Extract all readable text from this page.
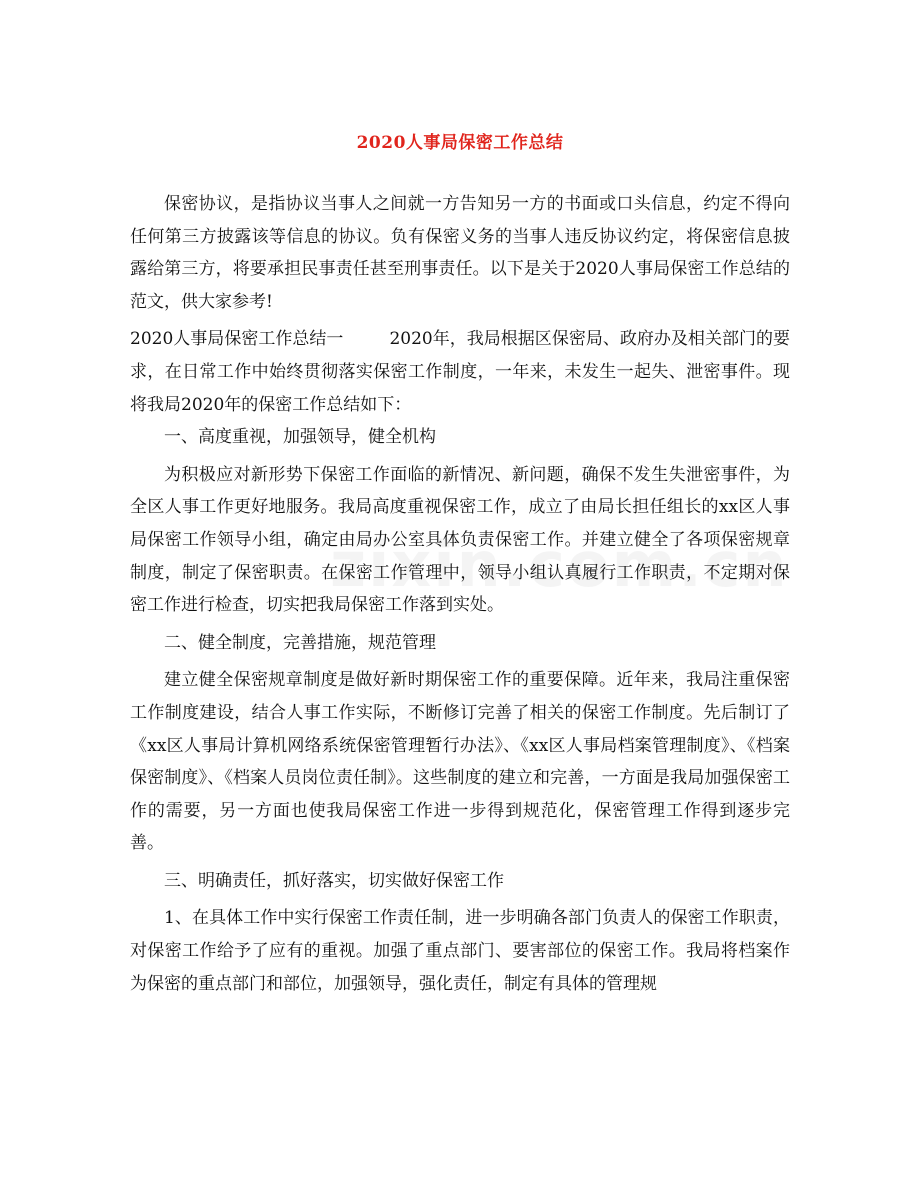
2020人事局保密工作总结

保密协议，是指协议当事人之间就一方告知另一方的书面或口头信息，约定不得向任何第三方披露该等信息的协议。负有保密义务的当事人违反协议约定，将保密信息披露给第三方，将要承担民事责任甚至刑事责任。以下是关于2020人事局保密工作总结的范文，供大家参考!

2020人事局保密工作总结一	2020年，我局根据区保密局、政府办及相关部门的要求，在日常工作中始终贯彻落实保密工作制度，一年来，未发生一起失、泄密事件。现将我局2020年的保密工作总结如下：

一、高度重视，加强领导，健全机构

为积极应对新形势下保密工作面临的新情况、新问题，确保不发生失泄密事件，为全区人事工作更好地服务。我局高度重视保密工作，成立了由局长担任组长的xx区人事局保密工作领导小组，确定由局办公室具体负责保密工作。并建立健全了各项保密规章制度，制定了保密职责。在保密工作管理中，领导小组认真履行工作职责，不定期对保密工作进行检查，切实把我局保密工作落到实处。

二、健全制度，完善措施，规范管理

建立健全保密规章制度是做好新时期保密工作的重要保障。近年来，我局注重保密工作制度建设，结合人事工作实际，不断修订完善了相关的保密工作制度。先后制订了《xx区人事局计算机网络系统保密管理暂行办法》、《xx区人事局档案管理制度》、《档案保密制度》、《档案人员岗位责任制》。这些制度的建立和完善，一方面是我局加强保密工作的需要，另一方面也使我局保密工作进一步得到规范化，保密管理工作得到逐步完善。

三、明确责任，抓好落实，切实做好保密工作

1、在具体工作中实行保密工作责任制，进一步明确各部门负责人的保密工作职责，对保密工作给予了应有的重视。加强了重点部门、要害部位的保密工作。我局将档案作为保密的重点部门和部位，加强领导，强化责任，制定有具体的管理规
